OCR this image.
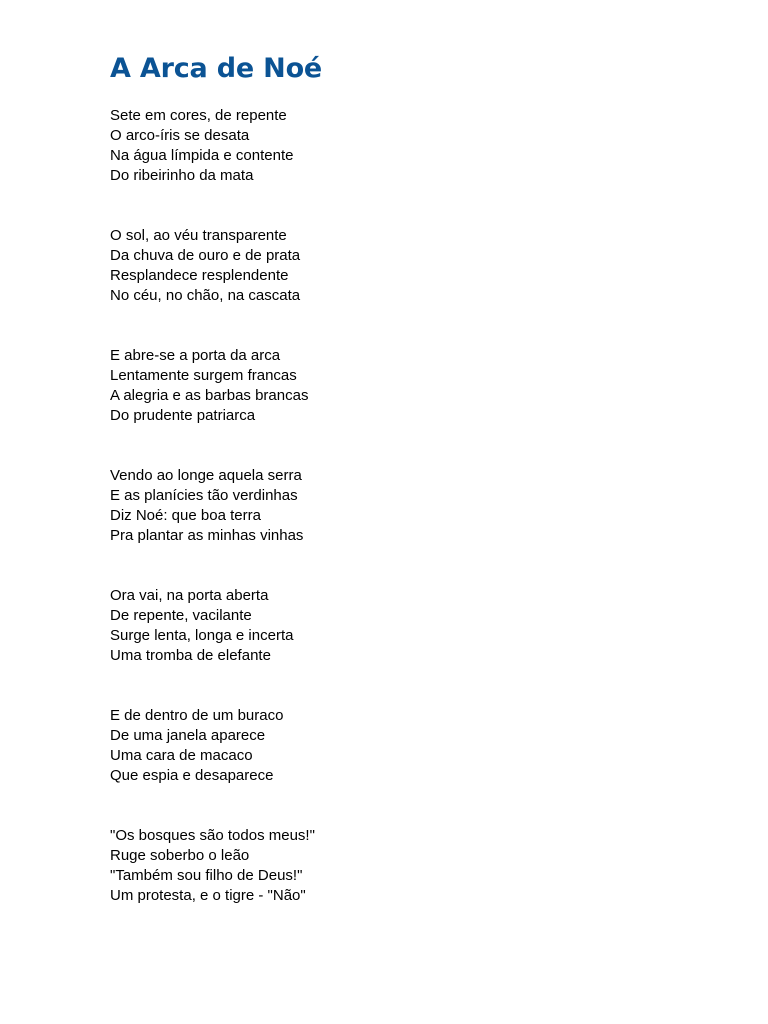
A Arca de Noé
Sete em cores, de repente
O arco-íris se desata
Na água límpida e contente
Do ribeirinho da mata
O sol, ao véu transparente
Da chuva de ouro e de prata
Resplandece resplendente
No céu, no chão, na cascata
E abre-se a porta da arca
Lentamente surgem francas
A alegria e as barbas brancas
Do prudente patriarca
Vendo ao longe aquela serra
E as planícies tão verdinhas
Diz Noé: que boa terra
Pra plantar as minhas vinhas
Ora vai, na porta aberta
De repente, vacilante
Surge lenta, longa e incerta
Uma tromba de elefante
E de dentro de um buraco
De uma janela aparece
Uma cara de macaco
Que espia e desaparece
"Os bosques são todos meus!"
Ruge soberbo o leão
"Também sou filho de Deus!"
Um protesta, e o tigre - "Não"
